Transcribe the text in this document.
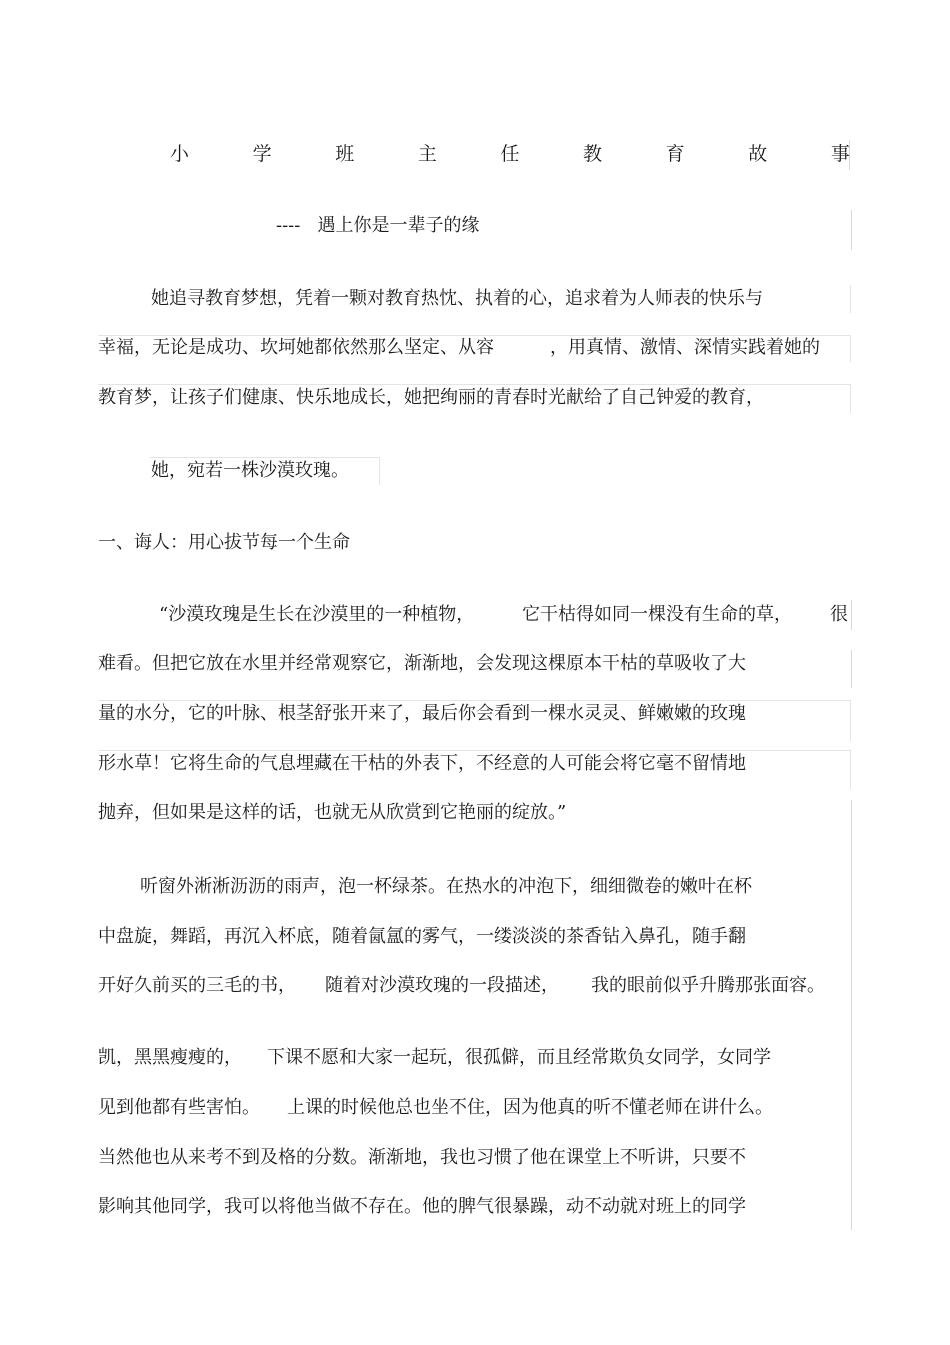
小	学	班	主	任	教	育	故	事
----   遇上你是一辈子的缘
她追寻教育梦想，凭着一颗对教育热忱、执着的心，追求着为人师表的快乐与
幸福，无论是成功、坎坷她都依然那么坚定、从容	，用真情、激情、深情实践着她的
教育梦，让孩子们健康、快乐地成长，她把绚丽的青春时光献给了自己钟爱的教育，
她，宛若一株沙漠玫瑰。
一、诲人：用心拔节每一个生命
“沙漠玫瑰是生长在沙漠里的一种植物，	它干枯得如同一棵没有生命的草， 很
难看。但把它放在水里并经常观察它，渐渐地，会发现这棵原本干枯的草吸收了大
量的水分，它的叶脉、根茎舒张开来了，最后你会看到一棵水灵灵、鲜嫩嫩的玫瑰
形水草！它将生命的气息埋藏在干枯的外表下，不经意的人可能会将它毫不留情地
抛弃，但如果是这样的话，也就无从欣赏到它艳丽的绽放。”
听窗外淅淅沥沥的雨声，泡一杯绿茶。在热水的冲泡下，细细微卷的嫩叶在杯
中盘旋，舞蹈，再沉入杯底，随着氤氲的雾气，一缕淡淡的茶香钻入鼻孔，随手翻
开好久前买的三毛的书， 随着对沙漠玫瑰的一段描述， 我的眼前似乎升腾那张面容。
凯，黑黑瘦瘦的， 下课不愿和大家一起玩，很孤僻，而且经常欺负女同学，女同学
见到他都有些害怕。 上课的时候他总也坐不住，因为他真的听不懂老师在讲什么。
当然他也从来考不到及格的分数。渐渐地，我也习惯了他在课堂上不听讲，只要不
影响其他同学，我可以将他当做不存在。他的脾气很暴躁，动不动就对班上的同学
